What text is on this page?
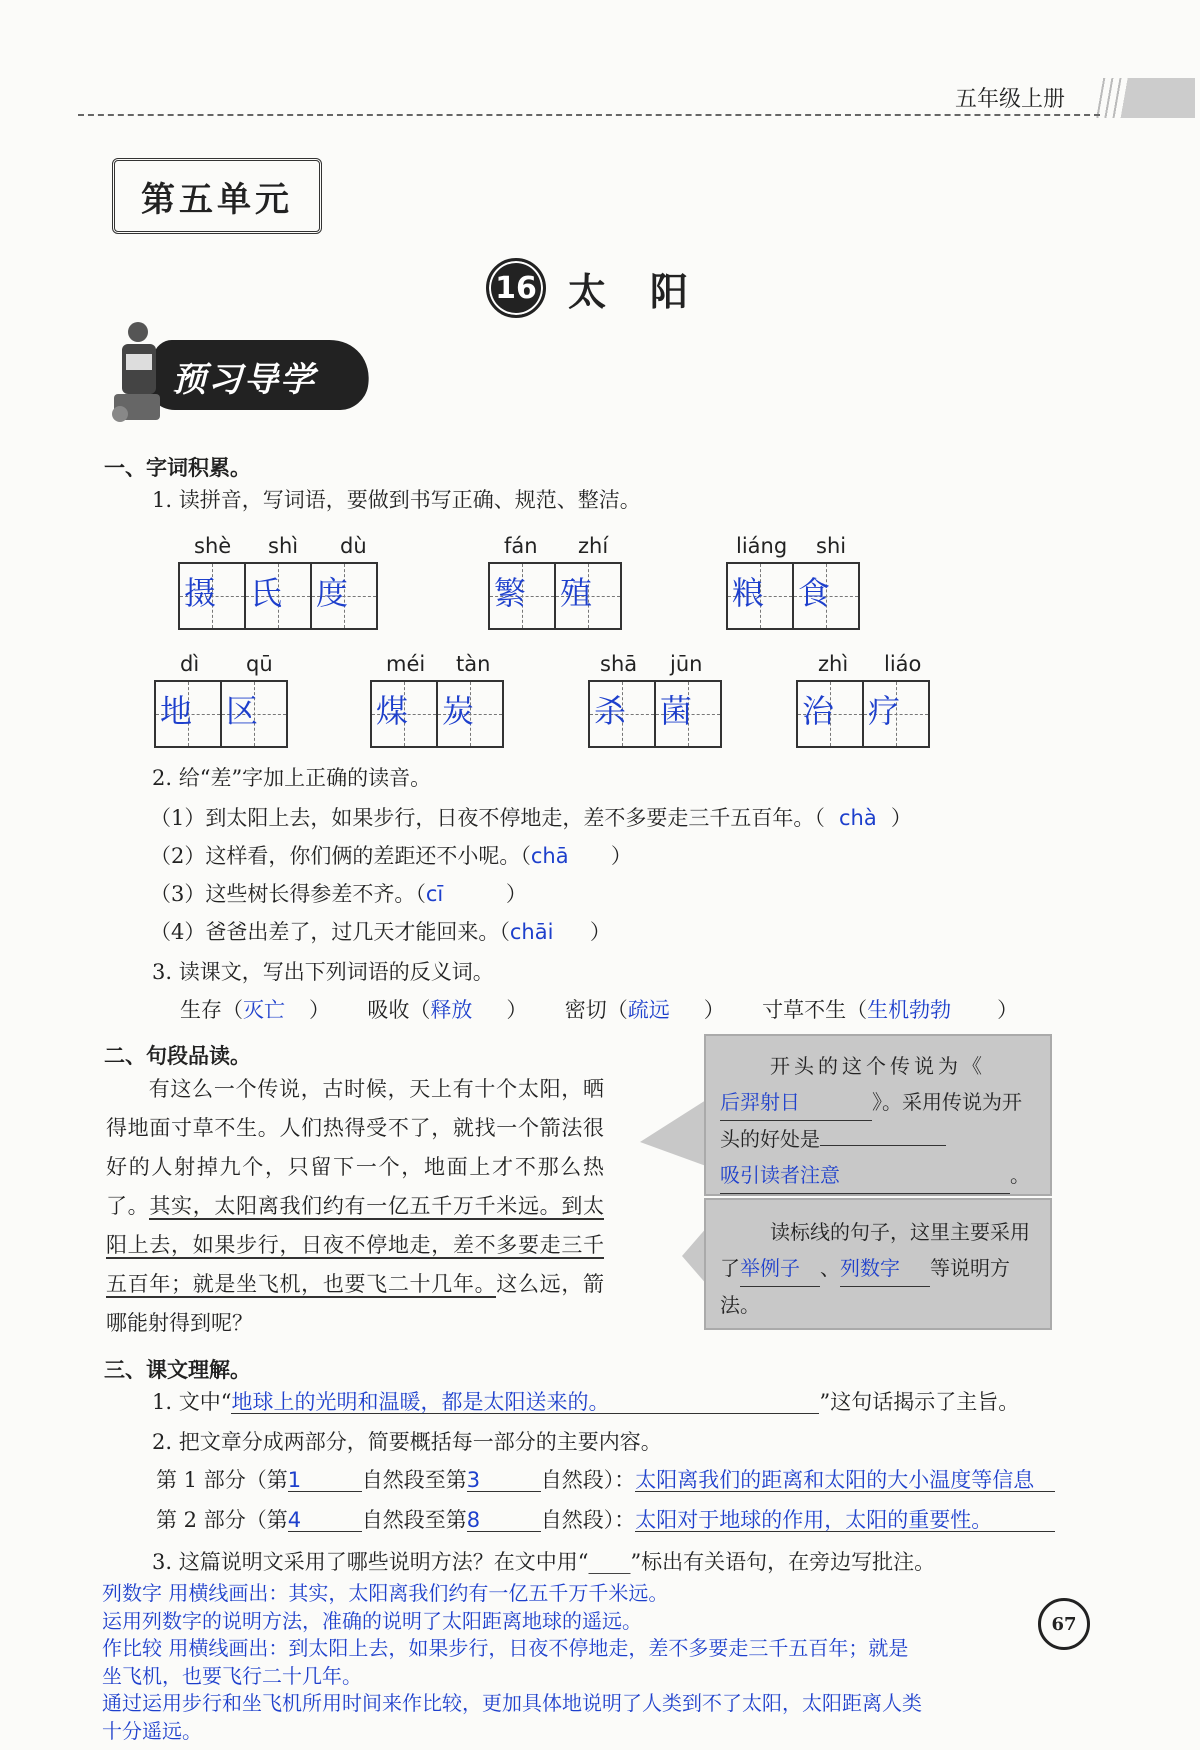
五年级上册
第五单元
16 太阳
预习导学
一、字词积累。
1. 读拼音，写词语，要做到书写正确、规范、整洁。
shè shì dù
摄 氏 度
fán zhí
繁 殖
liáng shi
粮 食
dì qū
地 区
méi tàn
煤 炭
shā jūn
杀 菌
zhì liáo
治 疗
2. 给“差”字加上正确的读音。
（1）到太阳上去，如果步行，日夜不停地走，差不多要走三千五百年。（ chà ）
（2）这样看，你们俩的差距还不小呢。（chā ）
（3）这些树长得参差不齐。（cī	）
（4）爸爸出差了，过几天才能回来。（chāi ）
3. 读课文，写出下列词语的反义词。
生存（灭亡 ） 吸收（释放 ） 密切（疏远 ） 寸草不生（生机勃勃 ）
二、句段品读。
有这么一个传说，古时候，天上有十个太阳，晒得地面寸草不生。人们热得受不了，就找一个箭法很好的人射掉九个，只留下一个，地面上才不那么热了。其实，太阳离我们约有一亿五千万千米远。到太阳上去，如果步行，日夜不停地走，差不多要走三千五百年；就是坐飞机，也要飞二十几年。这么远，箭哪能射得到呢？
开头的这个传说为《后羿射日	》。采用传说为开头的好处是
吸引读者注意	。
读标线的句子，这里主要采用了举例子 、列数字 等说明方法。
三、课文理解。
1. 文中“地球上的光明和温暖，都是太阳送来的。	”这句话揭示了主旨。
2. 把文章分成两部分，简要概括每一部分的主要内容。
第 1 部分（第1	自然段至第3	自然段）：太阳离我们的距离和太阳的大小温度等信息
第 2 部分（第4	自然段至第8	自然段）：太阳对于地球的作用，太阳的重要性。
3. 这篇说明文采用了哪些说明方法？在文中用“____”标出有关语句，在旁边写批注。
列数字 用横线画出：其实，太阳离我们约有一亿五千万千米远。
运用列数字的说明方法，准确的说明了太阳距离地球的遥远。
作比较 用横线画出：到太阳上去，如果步行，日夜不停地走，差不多要走三千五百年；就是
坐飞机，也要飞行二十几年。
通过运用步行和坐飞机所用时间来作比较，更加具体地说明了人类到不了太阳，太阳距离人类
十分遥远。
67
